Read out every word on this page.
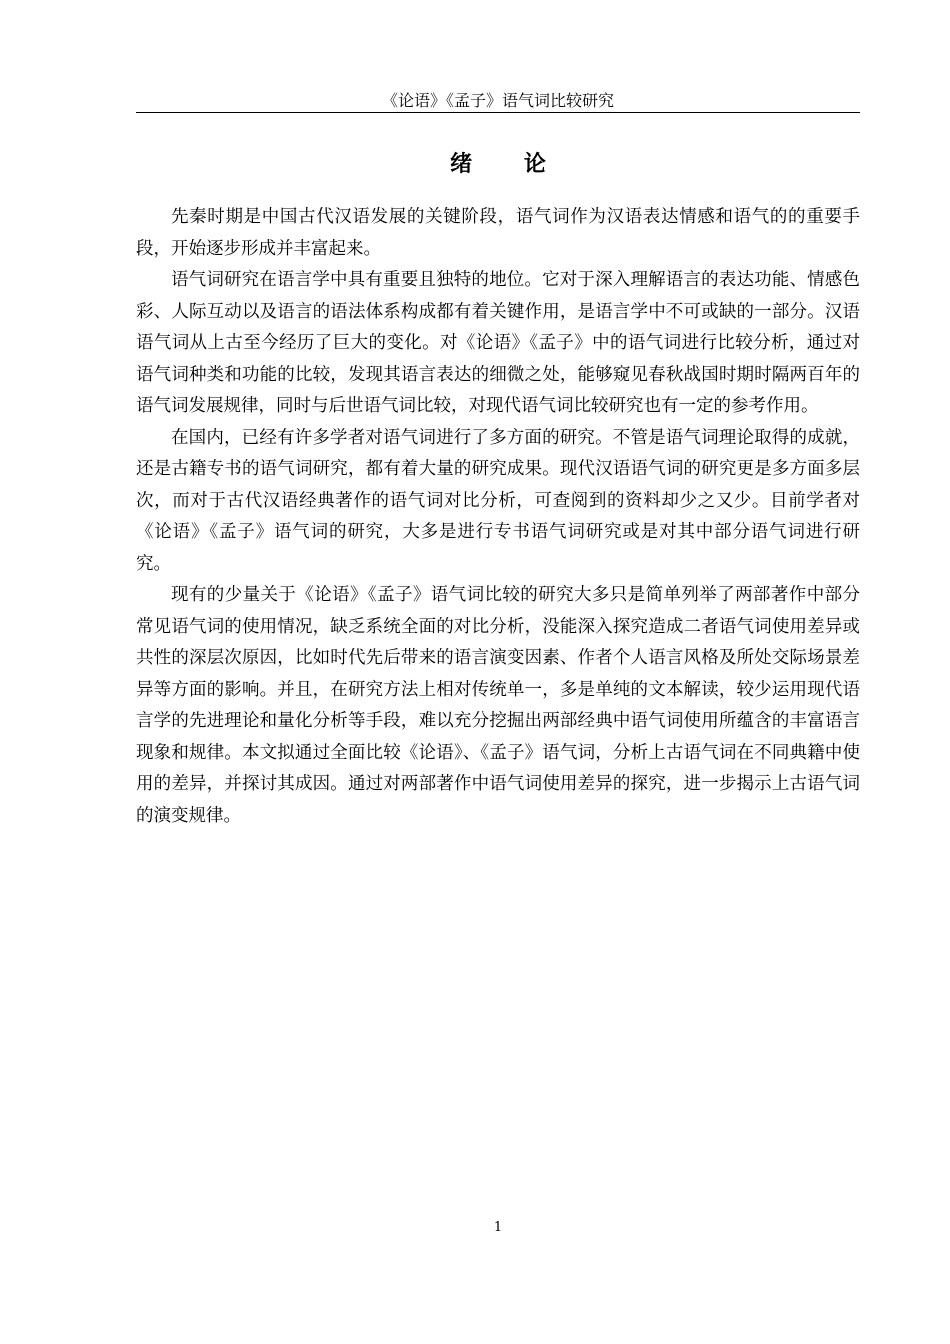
《论语》《孟子》语气词比较研究
绪 论

先秦时期是中国古代汉语发展的关键阶段，语气词作为汉语表达情感和语气的的重要手段，开始逐步形成并丰富起来。

语气词研究在语言学中具有重要且独特的地位。它对于深入理解语言的表达功能、情感色彩、人际互动以及语言的语法体系构成都有着关键作用，是语言学中不可或缺的一部分。汉语语气词从上古至今经历了巨大的变化。对《论语》《孟子》中的语气词进行比较分析，通过对语气词种类和功能的比较，发现其语言表达的细微之处，能够窥见春秋战国时期时隔两百年的语气词发展规律，同时与后世语气词比较，对现代语气词比较研究也有一定的参考作用。

在国内，已经有许多学者对语气词进行了多方面的研究。不管是语气词理论取得的成就，还是古籍专书的语气词研究，都有着大量的研究成果。现代汉语语气词的研究更是多方面多层次，而对于古代汉语经典著作的语气词对比分析，可查阅到的资料却少之又少。目前学者对《论语》《孟子》语气词的研究，大多是进行专书语气词研究或是对其中部分语气词进行研究。

现有的少量关于《论语》《孟子》语气词比较的研究大多只是简单列举了两部著作中部分常见语气词的使用情况，缺乏系统全面的对比分析，没能深入探究造成二者语气词使用差异或共性的深层次原因，比如时代先后带来的语言演变因素、作者个人语言风格及所处交际场景差异等方面的影响。并且，在研究方法上相对传统单一，多是单纯的文本解读，较少运用现代语言学的先进理论和量化分析等手段，难以充分挖掘出两部经典中语气词使用所蕴含的丰富语言现象和规律。本文拟通过全面比较《论语》、《孟子》语气词，分析上古语气词在不同典籍中使用的差异，并探讨其成因。通过对两部著作中语气词使用差异的探究，进一步揭示上古语气词的演变规律。

1
